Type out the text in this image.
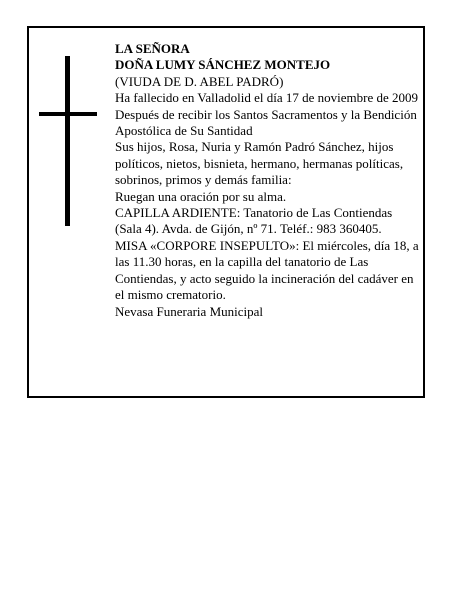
LA SEÑORA

DOÑA LUMY SÁNCHEZ MONTEJO

(VIUDA DE D. ABEL PADRÓ)

Ha fallecido en Valladolid el día 17 de noviembre de 2009

Después de recibir los Santos Sacramentos y la Bendición Apostólica de Su Santidad

Sus hijos, Rosa, Nuria y Ramón Padró Sánchez, hijos políticos, nietos, bisnieta, hermano, hermanas políticas, sobrinos, primos y demás familia:

Ruegan una oración por su alma.

CAPILLA ARDIENTE: Tanatorio de Las Contiendas (Sala 4). Avda. de Gijón, nº 71. Teléf.: 983 360405.

MISA «CORPORE INSEPULTO»: El miércoles, día 18, a las 11.30 horas, en la capilla del tanatorio de Las Contiendas, y acto seguido la incineración del cadáver en el mismo crematorio.

Nevasa Funeraria Municipal
